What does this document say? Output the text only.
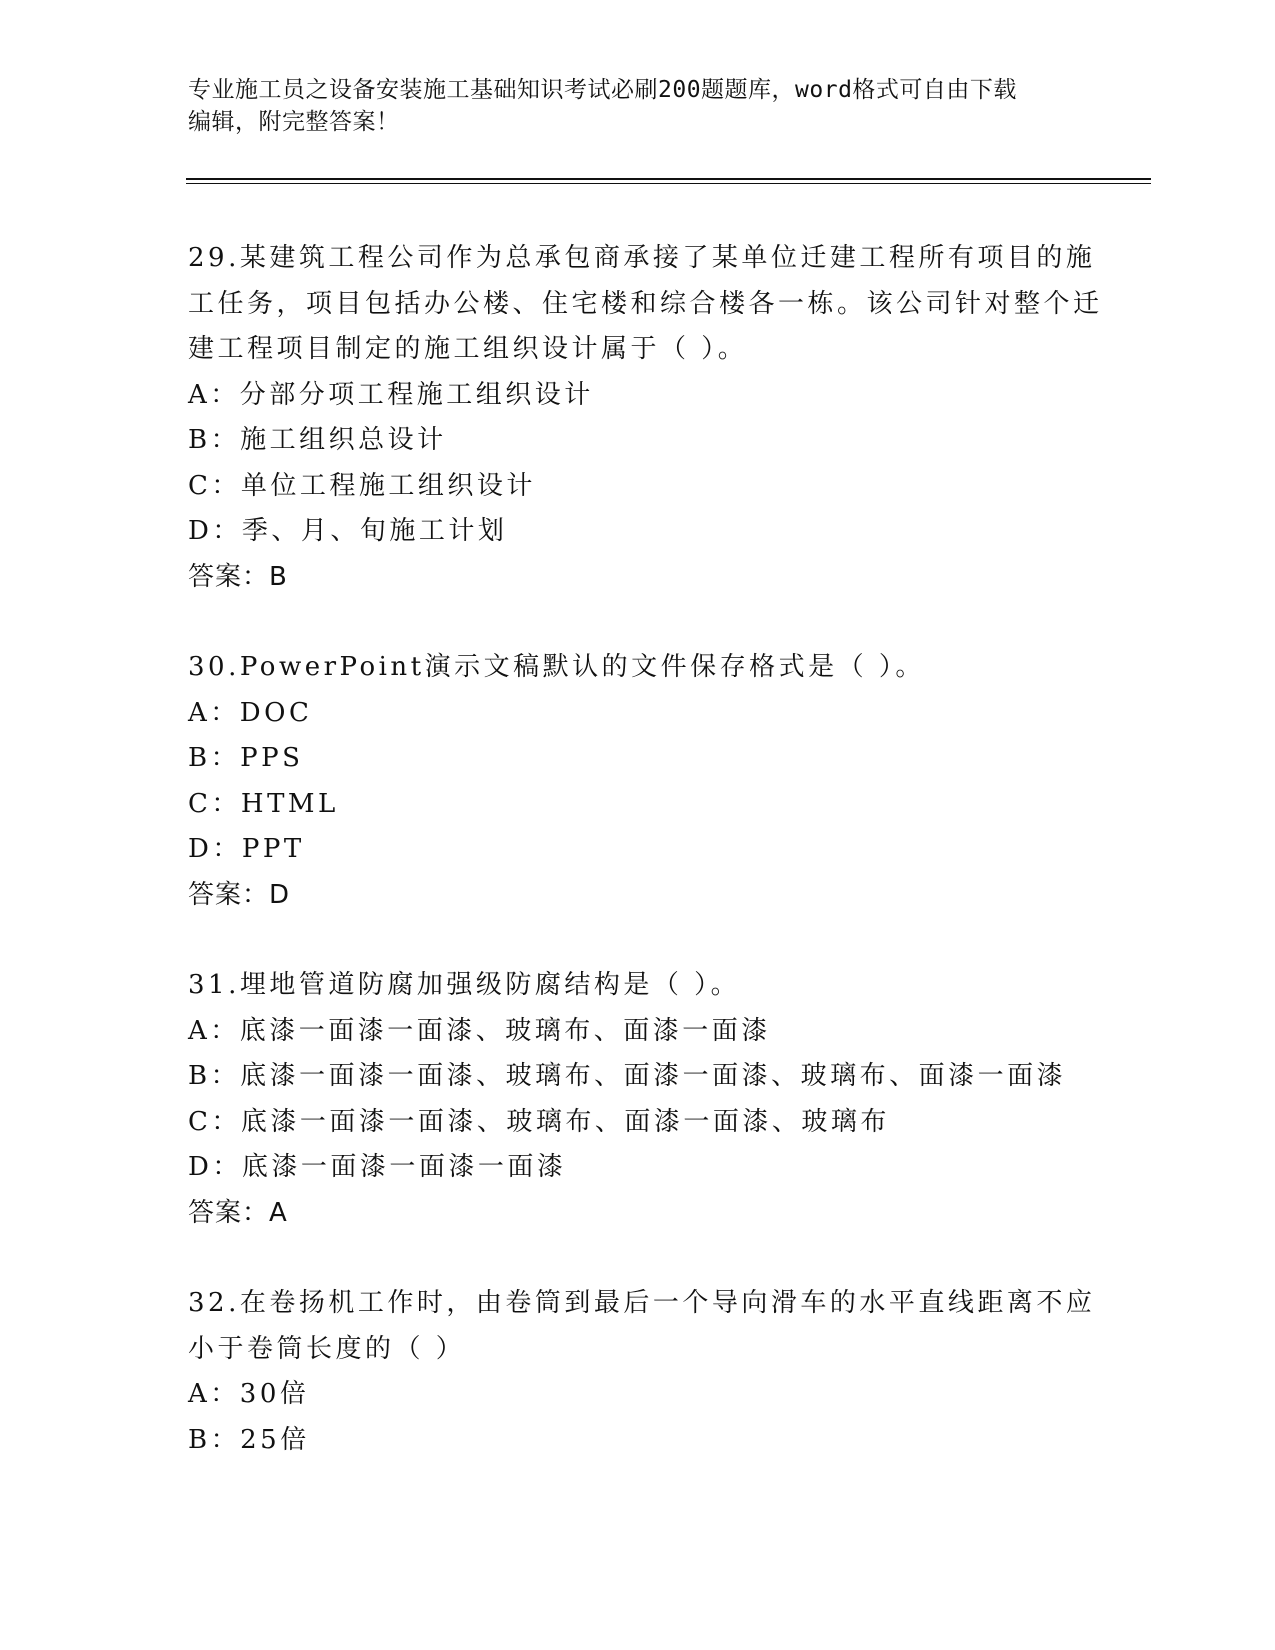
专业施工员之设备安装施工基础知识考试必刷200题题库，word格式可自由下载
编辑，附完整答案！

29.某建筑工程公司作为总承包商承接了某单位迁建工程所有项目的施工任务，项目包括办公楼、住宅楼和综合楼各一栋。该公司针对整个迁建工程项目制定的施工组织设计属于（ ）。

A：分部分项工程施工组织设计

B：施工组织总设计

C：单位工程施工组织设计

D：季、月、旬施工计划

答案：B

30.PowerPoint演示文稿默认的文件保存格式是（ ）。

A：DOC

B：PPS

C：HTML

D：PPT

答案：D

31.埋地管道防腐加强级防腐结构是（ ）。

A：底漆一面漆一面漆、玻璃布、面漆一面漆

B：底漆一面漆一面漆、玻璃布、面漆一面漆、玻璃布、面漆一面漆

C：底漆一面漆一面漆、玻璃布、面漆一面漆、玻璃布

D：底漆一面漆一面漆一面漆

答案：A

32.在卷扬机工作时，由卷筒到最后一个导向滑车的水平直线距离不应小于卷筒长度的（ ）

A：30倍

B：25倍
